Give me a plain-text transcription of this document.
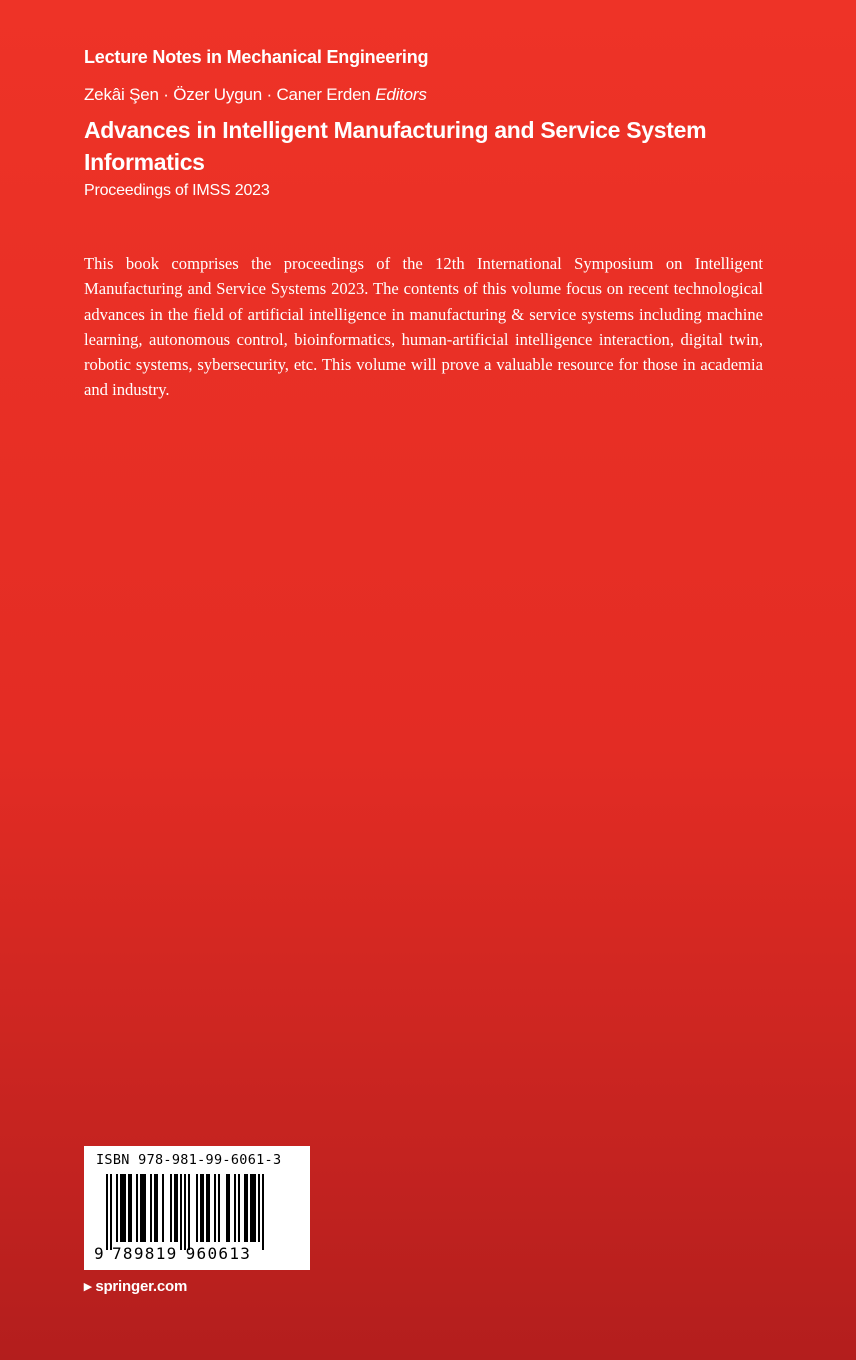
Lecture Notes in Mechanical Engineering
Zekâi Şen · Özer Uygun · Caner Erden Editors
Advances in Intelligent Manufacturing and Service System Informatics
Proceedings of IMSS 2023
This book comprises the proceedings of the 12th International Symposium on Intelligent Manufacturing and Service Systems 2023. The contents of this volume focus on recent technological advances in the field of artificial intelligence in manufacturing & service systems including machine learning, autonomous control, bioinformatics, human-artificial intelligence interaction, digital twin, robotic systems, sybersecurity, etc. This volume will prove a valuable resource for those in academia and industry.
ISBN 978-981-99-6061-3
9 789819 960613
▸ springer.com
